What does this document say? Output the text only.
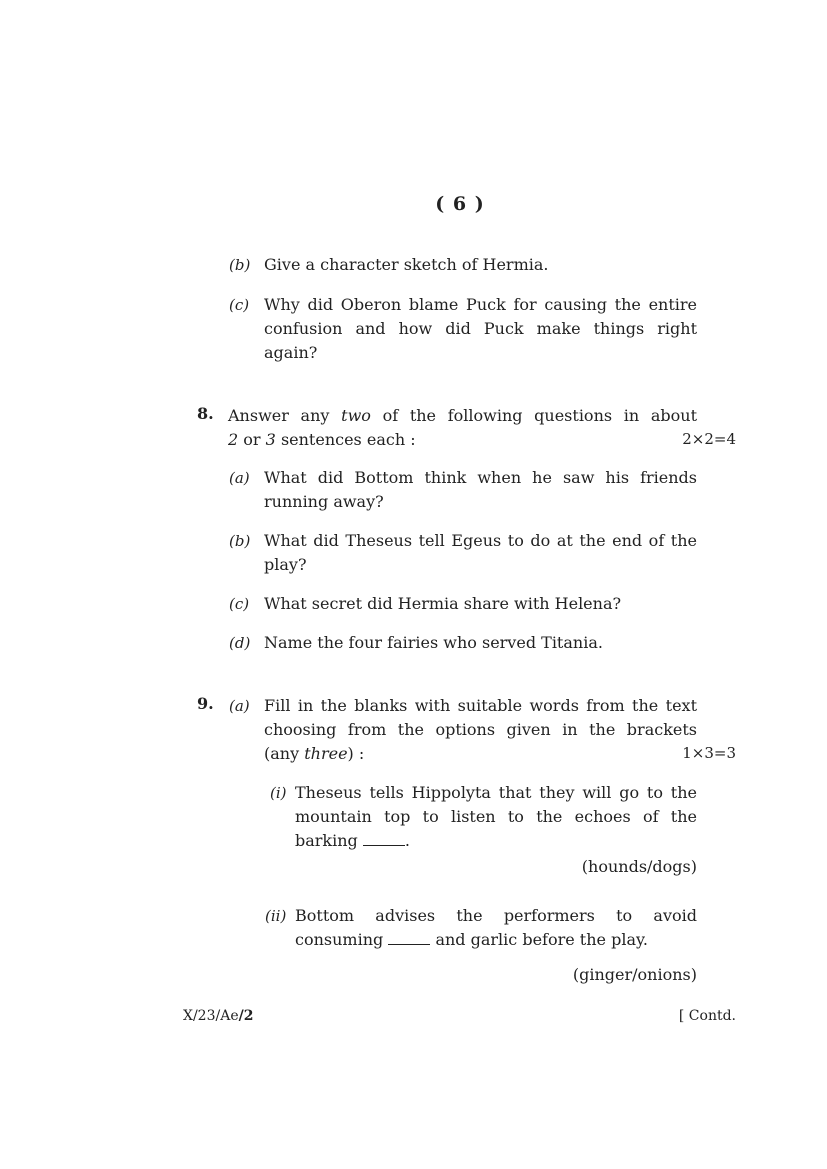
( 6 )
(b) Give a character sketch of Hermia.
(c) Why did Oberon blame Puck for causing the entire
confusion and how did Puck make things right
again?
8. Answer any two of the following questions in about
2 or 3 sentences each :	2×2=4
(a) What did Bottom think when he saw his friends
running away?
(b) What did Theseus tell Egeus to do at the end of the
play?
(c) What secret did Hermia share with Helena?
(d) Name the four fairies who served Titania.
9. (a) Fill in the blanks with suitable words from the text
choosing from the options given in the brackets
(any three) :	1×3=3
(i) Theseus tells Hippolyta that they will go to the
mountain top to listen to the echoes of the
barking	.
(hounds/dogs)
(ii) Bottom advises the performers to avoid
consuming	and garlic before the play.
(ginger/onions)
X/23/Ae/2	[ Contd.
